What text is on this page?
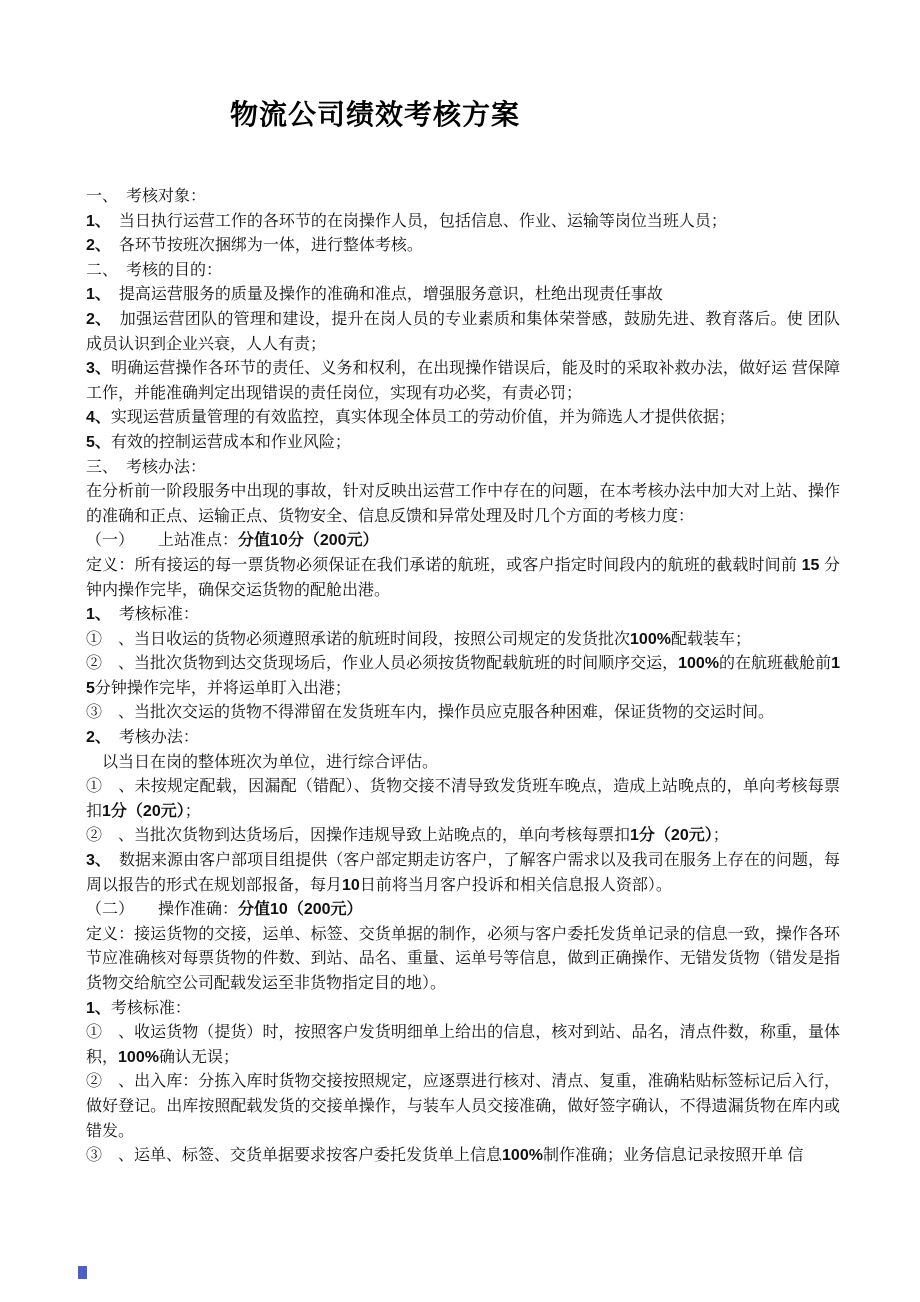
物流公司绩效考核方案

一、　考核对象：

1、　当日执行运营工作的各环节的在岗操作人员，包括信息、作业、运输等岗位当班人员；

2、　各环节按班次捆绑为一体，进行整体考核。

二、　考核的目的：

1、　提高运营服务的质量及操作的准确和准点，增强服务意识，杜绝出现责任事故

2、　加强运营团队的管理和建设，提升在岗人员的专业素质和集体荣誉感，鼓励先进、教育落后。使 团队成员认识到企业兴衰，人人有责；

3、明确运营操作各环节的责任、义务和权利，在出现操作错误后，能及时的采取补救办法，做好运 营保障工作，并能准确判定出现错误的责任岗位，实现有功必奖，有责必罚；

4、实现运营质量管理的有效监控，真实体现全体员工的劳动价值，并为筛选人才提供依据；

5、有效的控制运营成本和作业风险；

三、　考核办法：

在分析前一阶段服务中出现的事故，针对反映出运营工作中存在的问题，在本考核办法中加大对上站、操作的准确和正点、运输正点、货物安全、信息反馈和异常处理及时几个方面的考核力度：

（一）　　上站准点：分值10分（200元）

定义：所有接运的每一票货物必须保证在我们承诺的航班，或客户指定时间段内的航班的截载时间前 15 分钟内操作完毕，确保交运货物的配舱出港。

1、　考核标准：

①　、当日收运的货物必须遵照承诺的航班时间段，按照公司规定的发货批次100%配载装车；

②　、当批次货物到达交货现场后，作业人员必须按货物配载航班的时间顺序交运，100%的在航班截舱前15分钟操作完毕，并将运单盯入出港；

③　、当批次交运的货物不得滞留在发货班车内，操作员应克服各种困难，保证货物的交运时间。

2、　考核办法：

　以当日在岗的整体班次为单位，进行综合评估。

①　、未按规定配载，因漏配（错配）、货物交接不清导致发货班车晚点，造成上站晚点的，单向考核每票扣1分（20元）；

②　、当批次货物到达货场后，因操作违规导致上站晚点的，单向考核每票扣1分（20元）；

3、　数据来源由客户部项目组提供（客户部定期走访客户，了解客户需求以及我司在服务上存在的问题，每周以报告的形式在规划部报备，每月10日前将当月客户投诉和相关信息报人资部）。

（二）　　操作准确：分值10（200元）

定义：接运货物的交接，运单、标签、交货单据的制作，必须与客户委托发货单记录的信息一致，操作各环节应准确核对每票货物的件数、到站、品名、重量、运单号等信息，做到正确操作、无错发货物（错发是指货物交给航空公司配载发运至非货物指定目的地）。

1、考核标准：

①　、收运货物（提货）时，按照客户发货明细单上给出的信息，核对到站、品名，清点件数，称重，量体积，100%确认无误；

②　、出入库：分拣入库时货物交接按照规定，应逐票进行核对、清点、复重，准确粘贴标签标记后入行，做好登记。出库按照配载发货的交接单操作，与装车人员交接准确，做好签字确认，不得遗漏货物在库内或错发。

③　、运单、标签、交货单据要求按客户委托发货单上信息100%制作准确；业务信息记录按照开单 信
